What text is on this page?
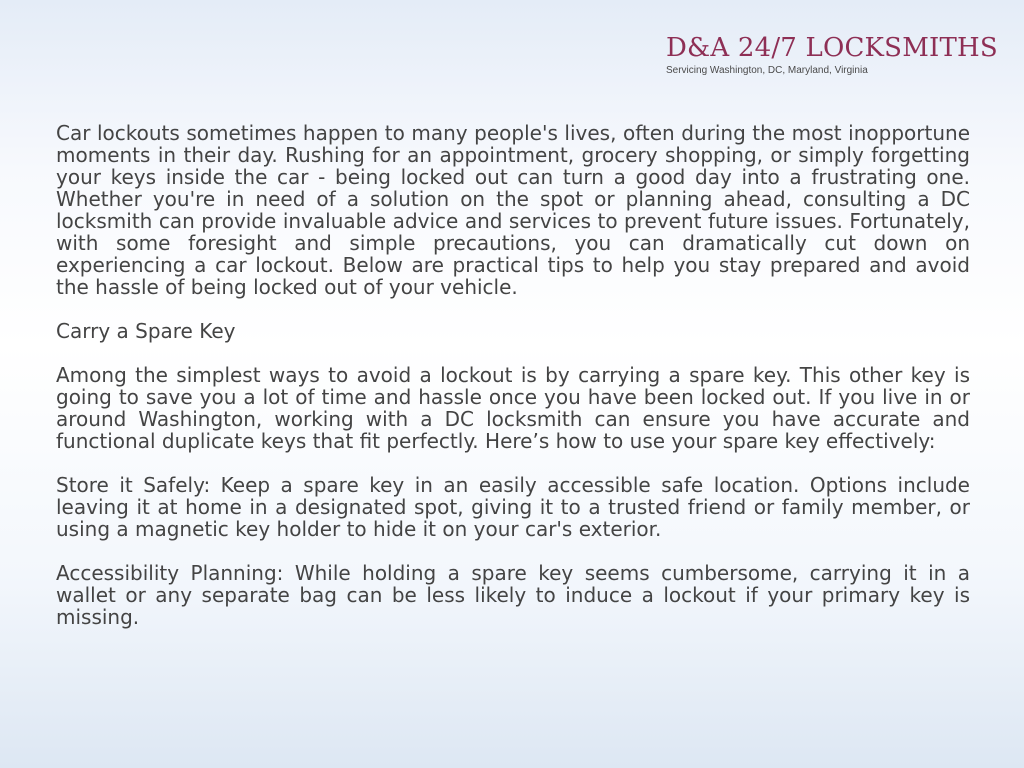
D&A 24/7 LOCKSMITHS
Servicing Washington, DC, Maryland, Virginia

Car lockouts sometimes happen to many people's lives, often during the most inopportune moments in their day. Rushing for an appointment, grocery shopping, or simply forgetting your keys inside the car - being locked out can turn a good day into a frustrating one. Whether you're in need of a solution on the spot or planning ahead, consulting a DC locksmith can provide invaluable advice and services to prevent future issues. Fortunately, with some foresight and simple precautions, you can dramatically cut down on experiencing a car lockout. Below are practical tips to help you stay prepared and avoid the hassle of being locked out of your vehicle.

Carry a Spare Key

Among the simplest ways to avoid a lockout is by carrying a spare key. This other key is going to save you a lot of time and hassle once you have been locked out. If you live in or around Washington, working with a DC locksmith can ensure you have accurate and functional duplicate keys that fit perfectly. Here’s how to use your spare key effectively:

Store it Safely: Keep a spare key in an easily accessible safe location. Options include leaving it at home in a designated spot, giving it to a trusted friend or family member, or using a magnetic key holder to hide it on your car's exterior.

Accessibility Planning: While holding a spare key seems cumbersome, carrying it in a wallet or any separate bag can be less likely to induce a lockout if your primary key is missing.
